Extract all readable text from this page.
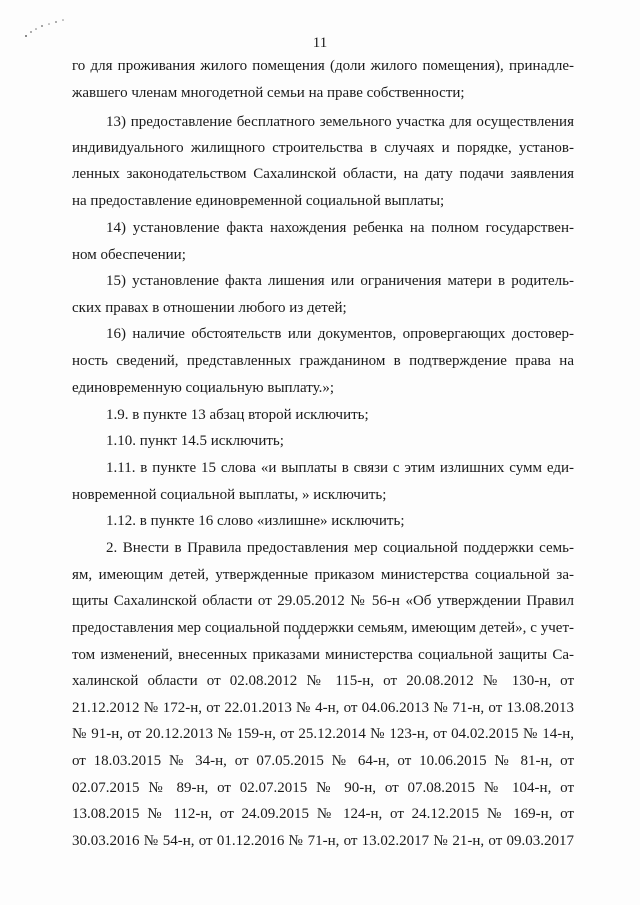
11
го для проживания жилого помещения (доли жилого помещения), принадле-
жавшего членам многодетной семьи на праве собственности;
13) предоставление бесплатного земельного участка для осуществления
индивидуального жилищного строительства в случаях и порядке, установ-
ленных законодательством Сахалинской области, на дату подачи заявления
на предоставление единовременной социальной выплаты;
14) установление факта нахождения ребенка на полном государствен-
ном обеспечении;
15) установление факта лишения или ограничения матери в родитель-
ских правах в отношении любого из детей;
16) наличие обстоятельств или документов, опровергающих достовер-
ность сведений, представленных гражданином в подтверждение права на
единовременную социальную выплату.»;
1.9. в пункте 13 абзац второй исключить;
1.10. пункт 14.5 исключить;
1.11. в пункте 15 слова «и выплаты в связи с этим излишних сумм еди-
новременной социальной выплаты, » исключить;
1.12. в пункте 16 слово «излишне» исключить;
2. Внести в Правила предоставления мер социальной поддержки семь-
ям, имеющим детей, утвержденные приказом министерства социальной за-
щиты Сахалинской области от 29.05.2012 № 56-н «Об утверждении Правил
предоставления мер социальной поддержки семьям, имеющим детей», с учет-
том изменений, внесенных приказами министерства социальной защиты Са-
халинской области от 02.08.2012 № 115-н, от 20.08.2012 № 130-н, от
21.12.2012 № 172-н, от 22.01.2013 № 4-н, от 04.06.2013 № 71-н, от 13.08.2013
№ 91-н, от 20.12.2013 № 159-н, от 25.12.2014 № 123-н, от 04.02.2015 № 14-н,
от 18.03.2015 № 34-н, от 07.05.2015 № 64-н, от 10.06.2015 № 81-н, от
02.07.2015 № 89-н, от 02.07.2015 № 90-н, от 07.08.2015 № 104-н, от
13.08.2015 № 112-н, от 24.09.2015 № 124-н, от 24.12.2015 № 169-н, от
30.03.2016 № 54-н, от 01.12.2016 № 71-н, от 13.02.2017 № 21-н, от 09.03.2017
